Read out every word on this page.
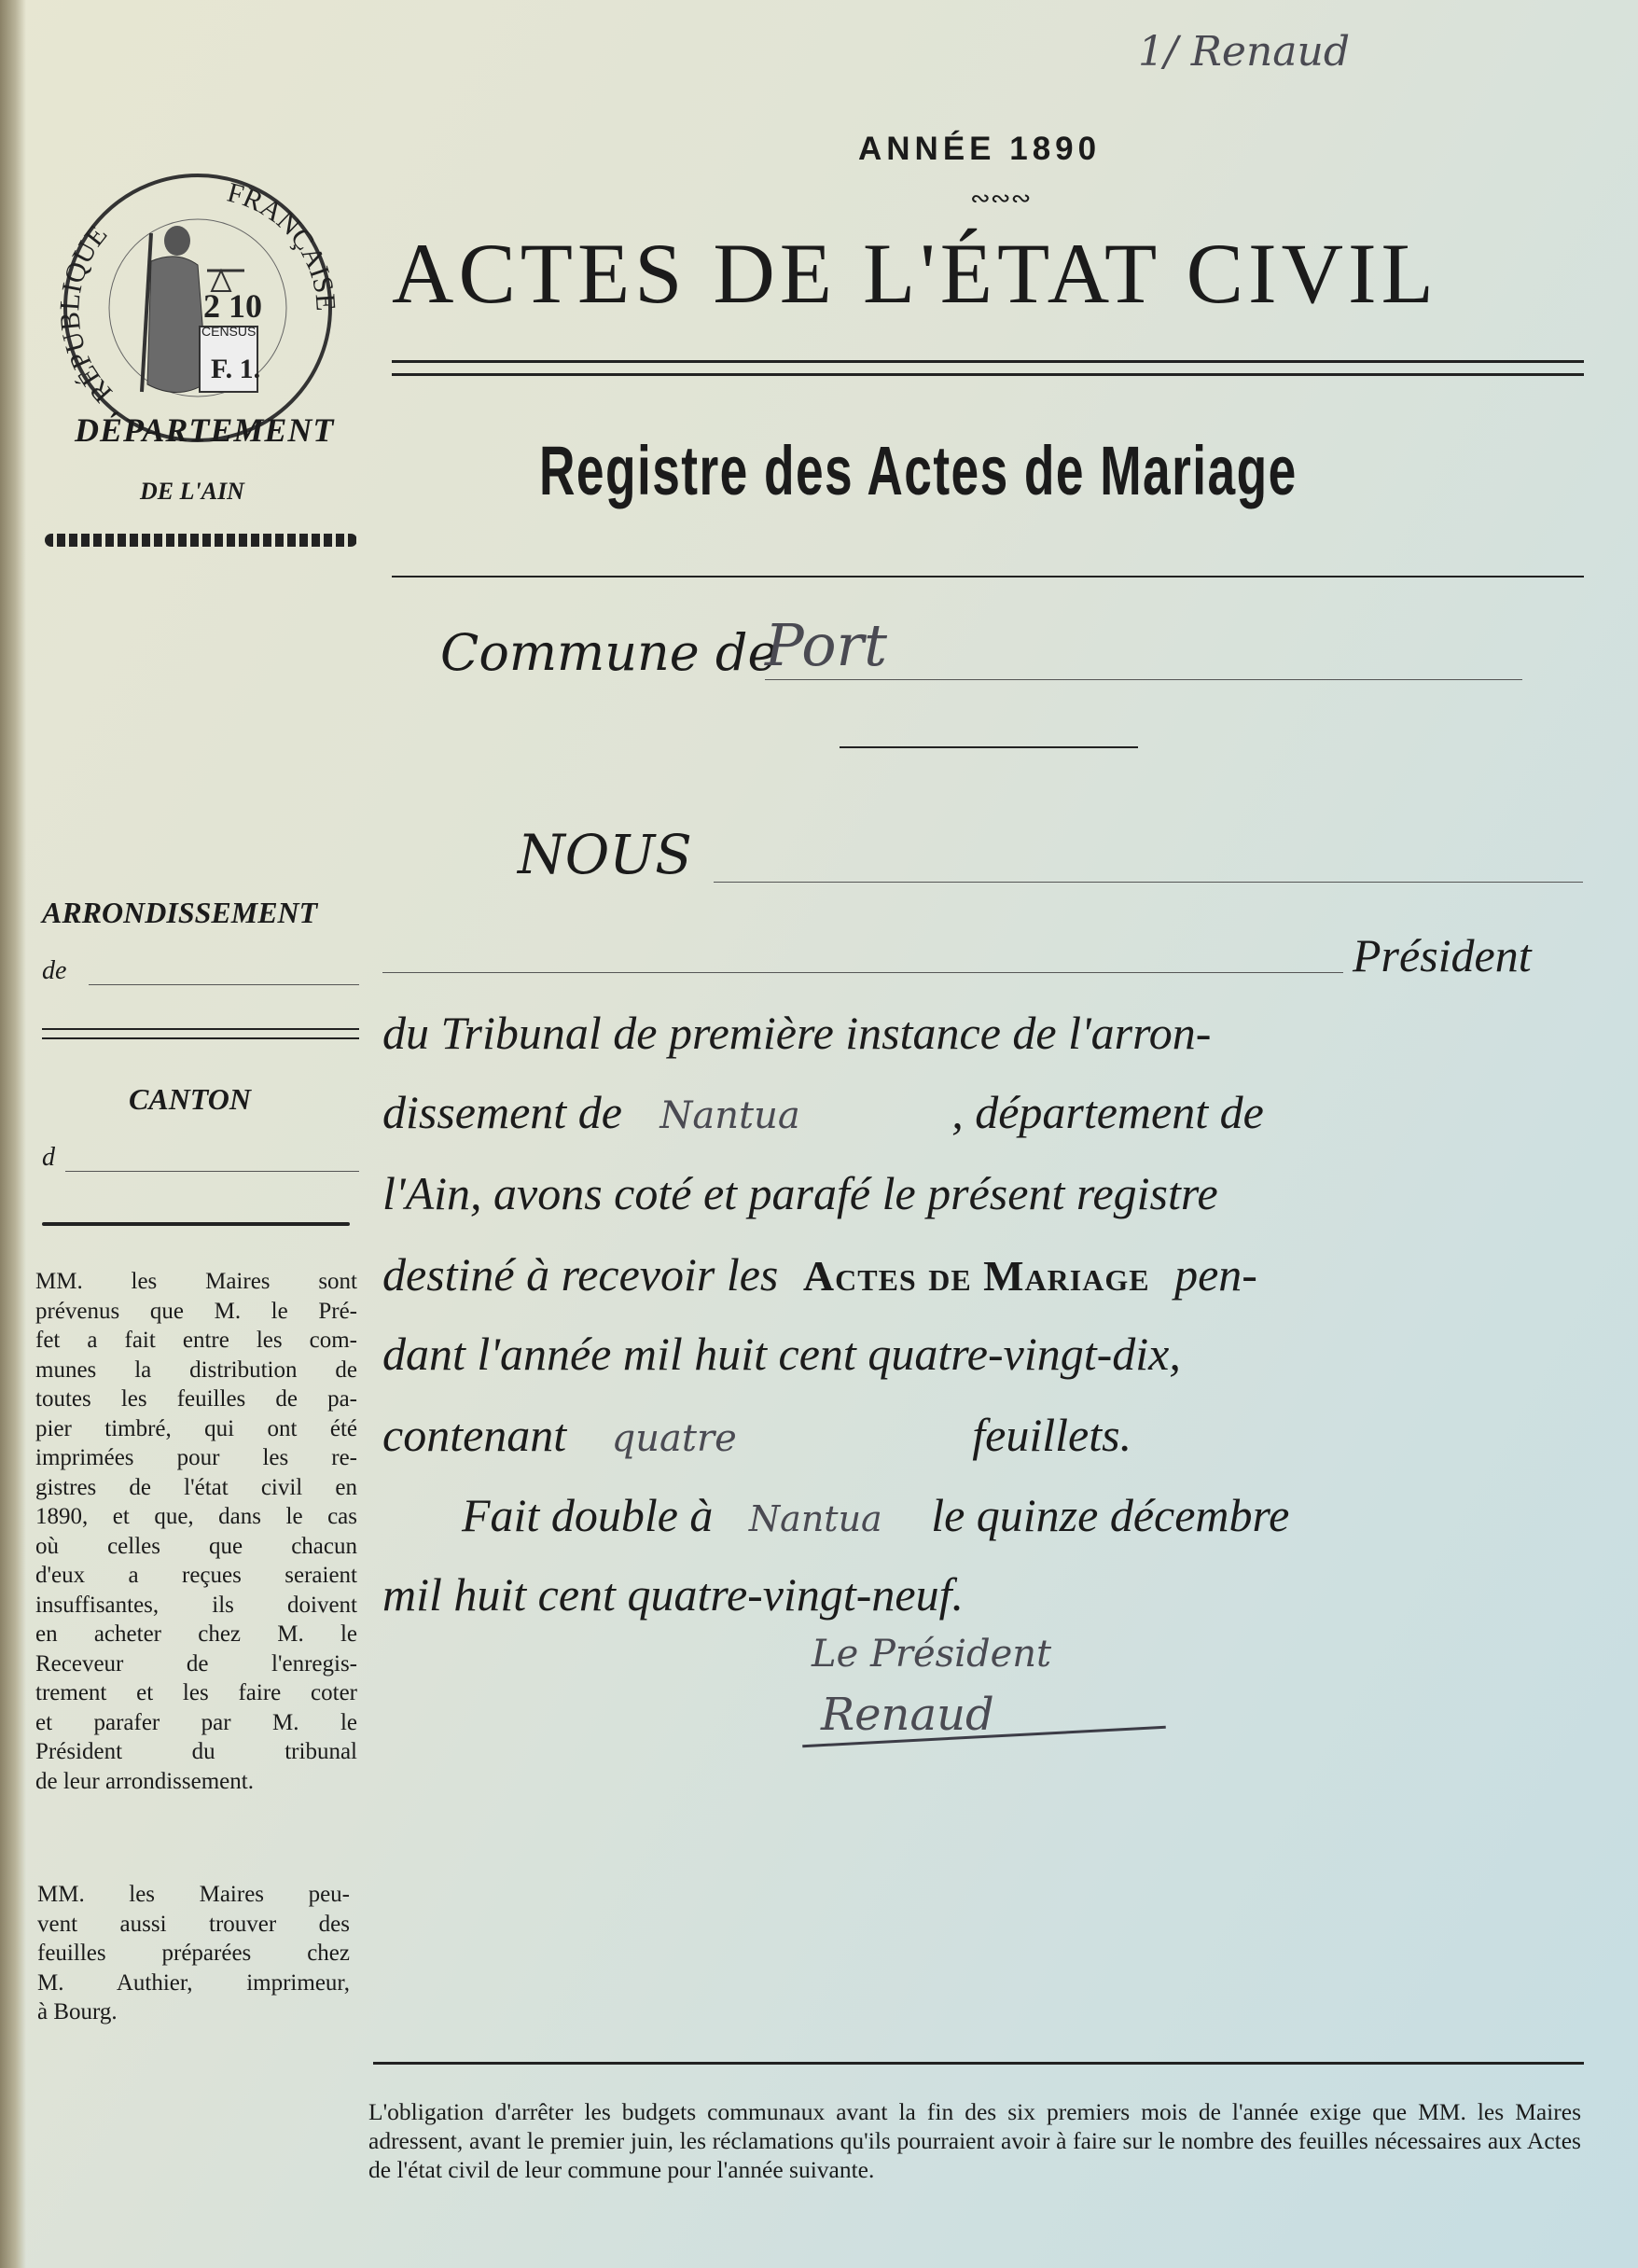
RÉPU IQUE
FRANÇAIS
2 10
CENSUS
F. 1.
1/ Renaud
ANNÉE 1890
∾∾∾
ACTES DE L'ÉTAT CIVIL
Registre des Actes de Mariage
Commune de
Port
DÉPARTEMENT
DE L'AIN
ARRONDISSEMENT
de
CANTON
d
MM. les Maires sont
prévenus que M. le Pré-
fet a fait entre les com-
munes la distribution de
toutes les feuilles de pa-
pier timbré, qui ont été
imprimées pour les re-
gistres de l'état civil en
1890, et que, dans le cas
où celles que chacun
d'eux a reçues seraient
insuffisantes, ils doivent
en acheter chez M. le
Receveur de l'enregis-
trement et les faire coter
et parafer par M. le
Président du tribunal
de leur arrondissement.
MM. les Maires peu-
vent aussi trouver des
feuilles préparées chez
M. Authier, imprimeur,
à Bourg.
NOUS
Président
du Tribunal de première instance de l'arron-
dissement de Nantua	, département de
l'Ain, avons coté et parafé le présent registre
destiné à recevoir les Actes de Mariage pen-
dant l'année mil huit cent quatre-vingt-dix,
contenant quatre	feuillets.
Fait double à Nantua le quinze décembre
mil huit cent quatre-vingt-neuf.
Le Président
Renaud
L'obligation d'arrêter les budgets communaux avant la fin des six premiers mois de l'année exige que MM. les Maires adressent, avant le premier juin, les réclamations qu'ils pourraient avoir à faire sur le nombre des feuilles nécessaires aux Actes de l'état civil de leur commune pour l'année suivante.
